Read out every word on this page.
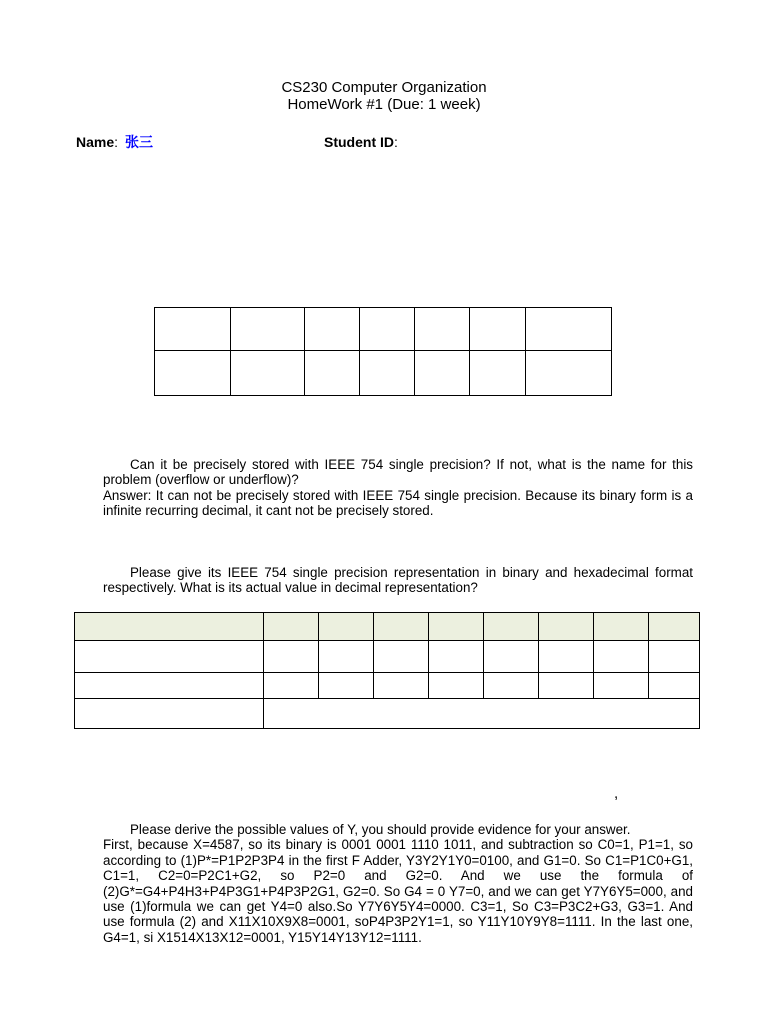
CS230 Computer Organization
HomeWork #1 (Due: 1 week)
Name: 张三	Student ID:

Can it be precisely stored with IEEE 754 single precision? If not, what is the name for this problem (overflow or underflow)?
Answer: It can not be precisely stored with IEEE 754 single precision. Because its binary form is a infinite recurring decimal, it cant not be precisely stored.
Please give its IEEE 754 single precision representation in binary and hexadecimal format respectively. What is its actual value in decimal representation?

,
Please derive the possible values of Y, you should provide evidence for your answer.
First, because X=4587, so its binary is 0001 0001 1110 1011, and subtraction so C0=1, P1=1, so according to (1)P*=P1P2P3P4 in the first F Adder, Y3Y2Y1Y0=0100, and G1=0. So C1=P1C0+G1, C1=1, C2=0=P2C1+G2, so P2=0 and G2=0. And we use the formula of (2)G*=G4+P4H3+P4P3G1+P4P3P2G1, G2=0. So G4 = 0 Y7=0, and we can get Y7Y6Y5=000, and use (1)formula we can get Y4=0 also.So Y7Y6Y5Y4=0000. C3=1, So C3=P3C2+G3, G3=1. And use formula (2) and X11X10X9X8=0001, soP4P3P2Y1=1, so Y11Y10Y9Y8=1111. In the last one, G4=1, si X1514X13X12=0001, Y15Y14Y13Y12=1111.
